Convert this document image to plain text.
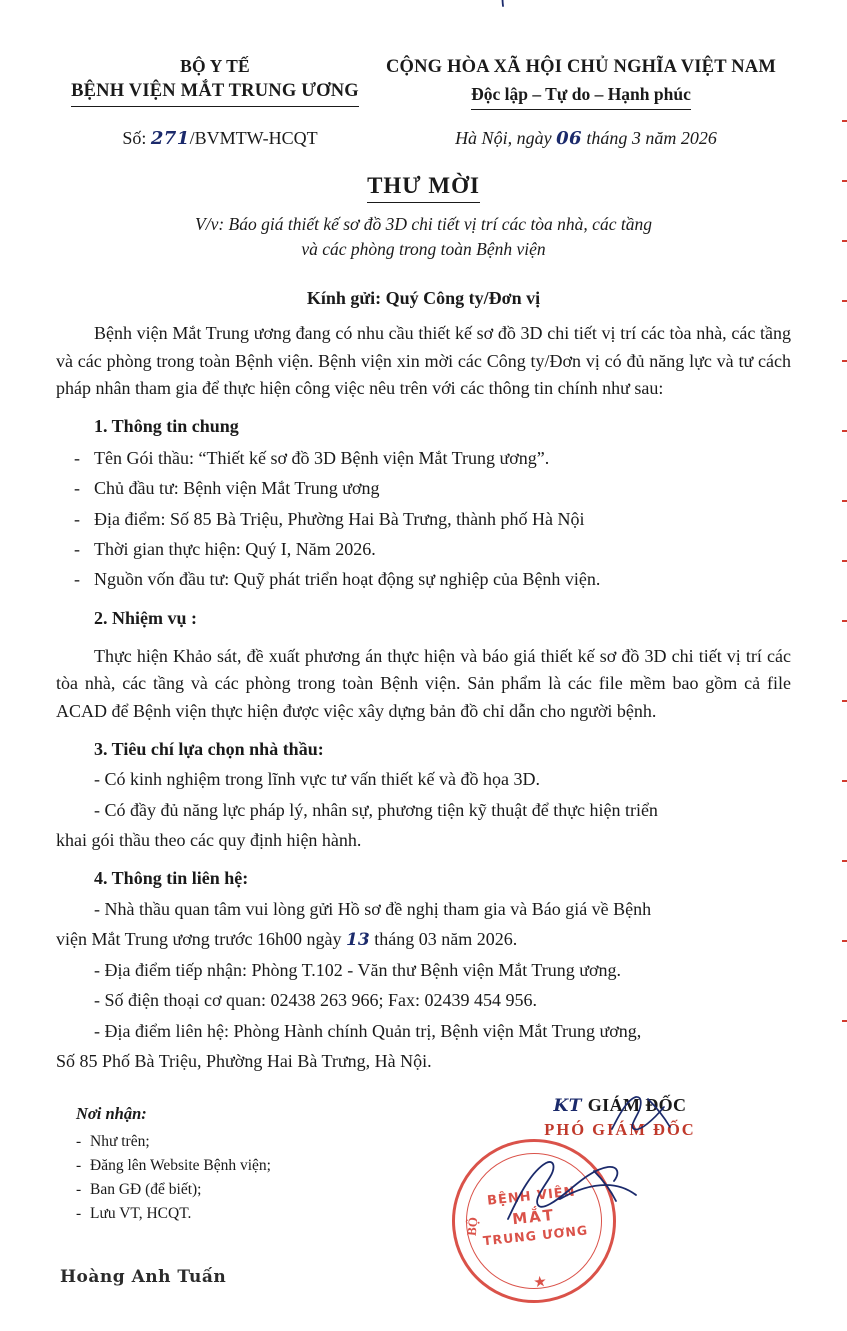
BỘ Y TẾ
BỆNH VIỆN MẮT TRUNG ƯƠNG
CỘNG HÒA XÃ HỘI CHỦ NGHĨA VIỆT NAM
Độc lập – Tự do – Hạnh phúc
Số: 271/BVMTW-HCQT	Hà Nội, ngày 06 tháng 3 năm 2026
THƯ MỜI
V/v: Báo giá thiết kế sơ đồ 3D chi tiết vị trí các tòa nhà, các tầng
và các phòng trong toàn Bệnh viện
Kính gửi: Quý Công ty/Đơn vị
Bệnh viện Mắt Trung ương đang có nhu cầu thiết kế sơ đồ 3D chi tiết vị trí các tòa nhà, các tầng và các phòng trong toàn Bệnh viện. Bệnh viện xin mời các Công ty/Đơn vị có đủ năng lực và tư cách pháp nhân tham gia để thực hiện công việc nêu trên với các thông tin chính như sau:
1. Thông tin chung
- Tên Gói thầu: “Thiết kế sơ đồ 3D Bệnh viện Mắt Trung ương”.
- Chủ đầu tư: Bệnh viện Mắt Trung ương
- Địa điểm: Số 85 Bà Triệu, Phường Hai Bà Trưng, thành phố Hà Nội
- Thời gian thực hiện: Quý I, Năm 2026.
- Nguồn vốn đầu tư: Quỹ phát triển hoạt động sự nghiệp của Bệnh viện.
2. Nhiệm vụ :
Thực hiện Khảo sát, đề xuất phương án thực hiện và báo giá thiết kế sơ đồ 3D chi tiết vị trí các tòa nhà, các tầng và các phòng trong toàn Bệnh viện. Sản phẩm là các file mềm bao gồm cả file ACAD để Bệnh viện thực hiện được việc xây dựng bản đồ chỉ dẫn cho người bệnh.
3. Tiêu chí lựa chọn nhà thầu:
- Có kinh nghiệm trong lĩnh vực tư vấn thiết kế và đồ họa 3D.
- Có đầy đủ năng lực pháp lý, nhân sự, phương tiện kỹ thuật để thực hiện triển
khai gói thầu theo các quy định hiện hành.
4. Thông tin liên hệ:
- Nhà thầu quan tâm vui lòng gửi Hồ sơ đề nghị tham gia và Báo giá về Bệnh
viện Mắt Trung ương trước 16h00 ngày 13 tháng 03 năm 2026.
- Địa điểm tiếp nhận: Phòng T.102 - Văn thư Bệnh viện Mắt Trung ương.
- Số điện thoại cơ quan: 02438 263 966; Fax: 02439 454 956.
- Địa điểm liên hệ: Phòng Hành chính Quản trị, Bệnh viện Mắt Trung ương,
Số 85 Phố Bà Triệu, Phường Hai Bà Trưng, Hà Nội.
Nơi nhận:
- Như trên;
- Đăng lên Website Bệnh viện;
- Ban GĐ (để biết);
- Lưu VT, HCQT.
KT GIÁM ĐỐC
PHÓ GIÁM ĐỐC
BỆNH VIỆN
MẮT
TRUNG ƯƠNG
BỘ
★
Hoàng Anh Tuấn
